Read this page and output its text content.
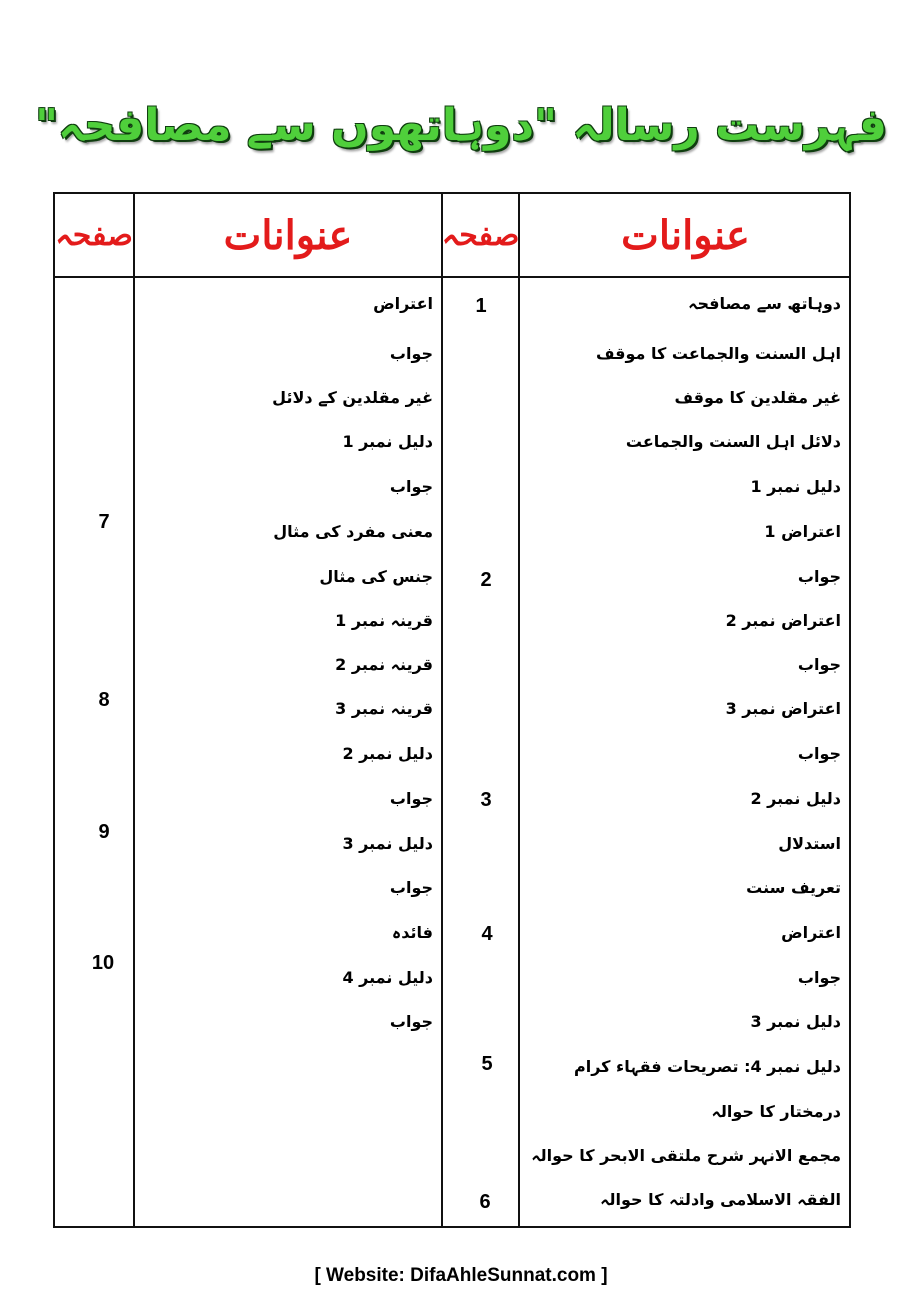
فہرست رسالہ "دوہاتھوں سے مصافحہ"
عنوانات
صفحہ
عنوانات
صفحہ
دوہاتھ سے مصافحہ
اہل السنت والجماعت کا موقف
غیر مقلدین کا موقف
دلائل اہل السنت والجماعت
دلیل نمبر 1
اعتراض 1
جواب
اعتراض نمبر 2
جواب
اعتراض نمبر 3
جواب
دلیل نمبر 2
استدلال
تعریف سنت
اعتراض
جواب
دلیل نمبر 3
دلیل نمبر 4: تصریحات فقہاء کرام
درمختار کا حوالہ
مجمع الانہر شرح ملتقی الابحر کا حوالہ
الفقہ الاسلامی وادلتہ کا حوالہ
1
2
3
4
5
6
اعتراض
جواب
غیر مقلدین کے دلائل
دلیل نمبر 1
جواب
معنی مفرد کی مثال
جنس کی مثال
قرینہ نمبر 1
قرینہ نمبر 2
قرینہ نمبر 3
دلیل نمبر 2
جواب
دلیل نمبر 3
جواب
فائدہ
دلیل نمبر 4
جواب
7
8
9
10
[ Website: DifaAhleSunnat.com ]
